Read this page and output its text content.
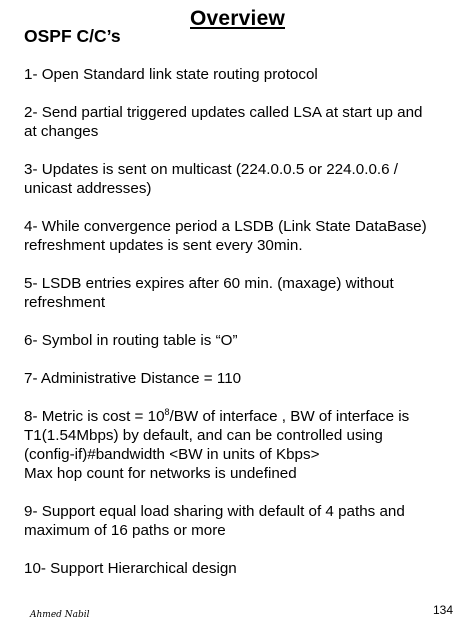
Overview
OSPF C/C’s
1- Open Standard link state routing protocol
2- Send partial triggered updates called LSA at start up and
at changes
3- Updates is sent on multicast (224.0.0.5 or 224.0.0.6 /
unicast addresses)
4- While convergence period a LSDB (Link State DataBase)
refreshment updates is sent every 30min.
5- LSDB entries expires after 60 min. (maxage) without
refreshment
6- Symbol in routing table is “O”
7- Administrative Distance = 110
8- Metric is $\cos t = 10^8/BW$ of interface , BW of interface is
T1(1.54Mbps) by default, and can be controlled using
(config-if)#bandwidth <BW in units of Kbps>
Max hop count for networks is undefined
9- Support equal load sharing with default of 4 paths and
maximum of 16 paths or more
10- Support Hierarchical design
Ahmed Nabil	134
